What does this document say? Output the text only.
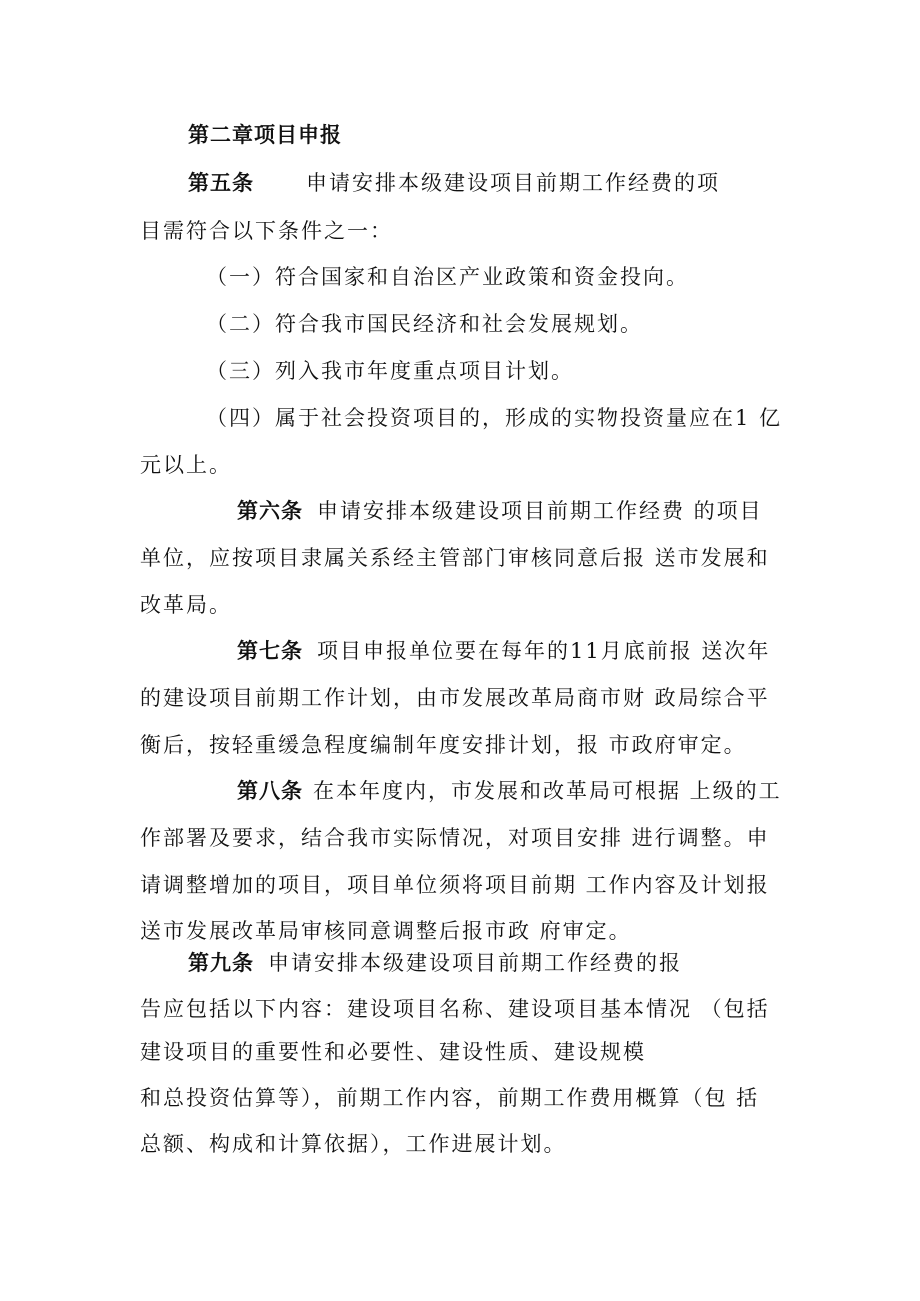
第二章项目申报
第五条 申请安排本级建设项目前期工作经费的项
目需符合以下条件之一：
（一）符合国家和自治区产业政策和资金投向。
（二）符合我市国民经济和社会发展规划。
（三）列入我市年度重点项目计划。
（四）属于社会投资项目的，形成的实物投资量应在1 亿
元以上。
第六条 申请安排本级建设项目前期工作经费 的项目
单位，应按项目隶属关系经主管部门审核同意后报 送市发展和
改革局。
第七条 项目申报单位要在每年的11月底前报 送次年
的建设项目前期工作计划，由市发展改革局商市财 政局综合平
衡后，按轻重缓急程度编制年度安排计划，报 市政府审定。
第八条 在本年度内，市发展和改革局可根据 上级的工
作部署及要求，结合我市实际情况，对项目安排 进行调整。申
请调整增加的项目，项目单位须将项目前期 工作内容及计划报
送市发展改革局审核同意调整后报市政 府审定。
第九条 申请安排本级建设项目前期工作经费的报
告应包括以下内容：建设项目名称、建设项目基本情况 （包括
建设项目的重要性和必要性、建设性质、建设规模
和总投资估算等），前期工作内容，前期工作费用概算（包 括
总额、构成和计算依据），工作进展计划。
